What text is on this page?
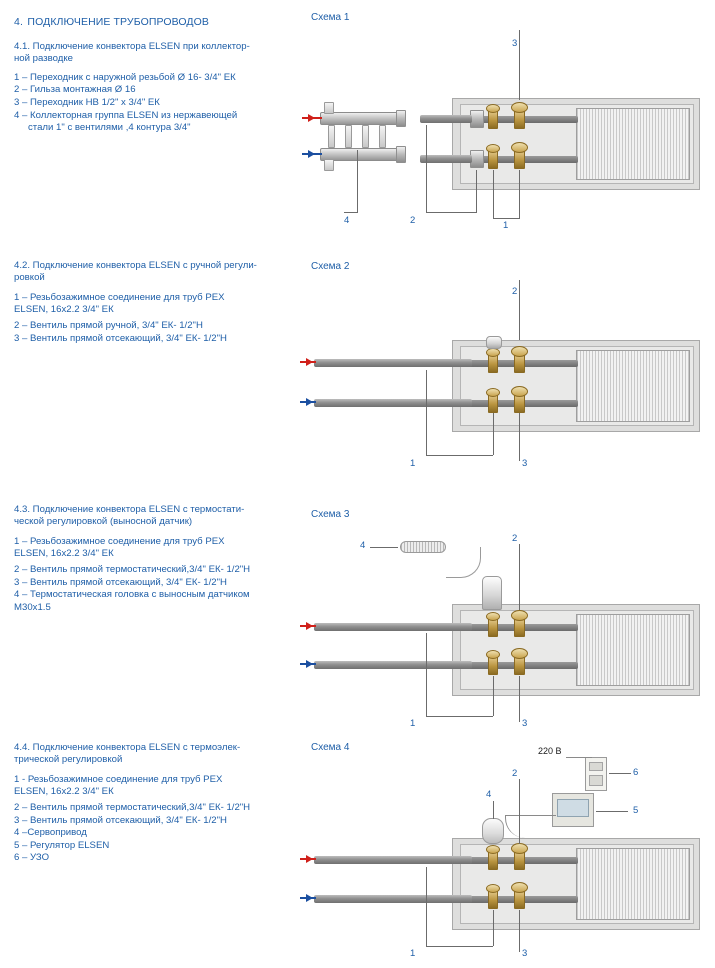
4. ПОДКЛЮЧЕНИЕ ТРУБОПРОВОДОВ
4.1. Подключение конвектора ELSEN при коллектор-
ной разводке
1 – Переходник с наружной резьбой Ø 16- 3/4" ЕК
2 – Гильза монтажная Ø 16
3 – Переходник НВ 1/2" х 3/4" ЕК
4 – Коллекторная группа ELSEN из нержавеющей
стали 1" с вентилями ,4 контура 3/4"
4.2. Подключение конвектора ELSEN с ручной регули-
ровкой
1 – Резьбозажимное соединение для труб PEX
ELSEN, 16х2.2 3/4" ЕК
2 – Вентиль прямой ручной, 3/4" ЕК- 1/2"Н
3 – Вентиль прямой отсекающий, 3/4" ЕК- 1/2"Н
4.3. Подключение конвектора ELSEN с термостати-
ческой регулировкой (выносной датчик)
1 – Резьбозажимное соединение для труб PEX
ELSEN, 16х2.2 3/4" ЕК
2 – Вентиль прямой термостатический,3/4" ЕК- 1/2"Н
3 – Вентиль прямой отсекающий, 3/4" ЕК- 1/2"Н
4 – Термостатическая головка с выносным датчиком
М30х1.5
4.4. Подключение конвектора ELSEN с термоэлек-
трической регулировкой
1 - Резьбозажимное соединение для труб PEX
ELSEN, 16х2.2 3/4" ЕК
2 – Вентиль прямой термостатический,3/4" ЕК- 1/2"Н
3 – Вентиль прямой отсекающий, 3/4" ЕК- 1/2"Н
4 –Сервопривод
5 – Регулятор ELSEN
6 – УЗО
Схема 1
3
1
2
4
Схема 2
2
3
1
Схема 3
4
2
3
1
Схема 4	220 В
6
5
4
2
3
1
